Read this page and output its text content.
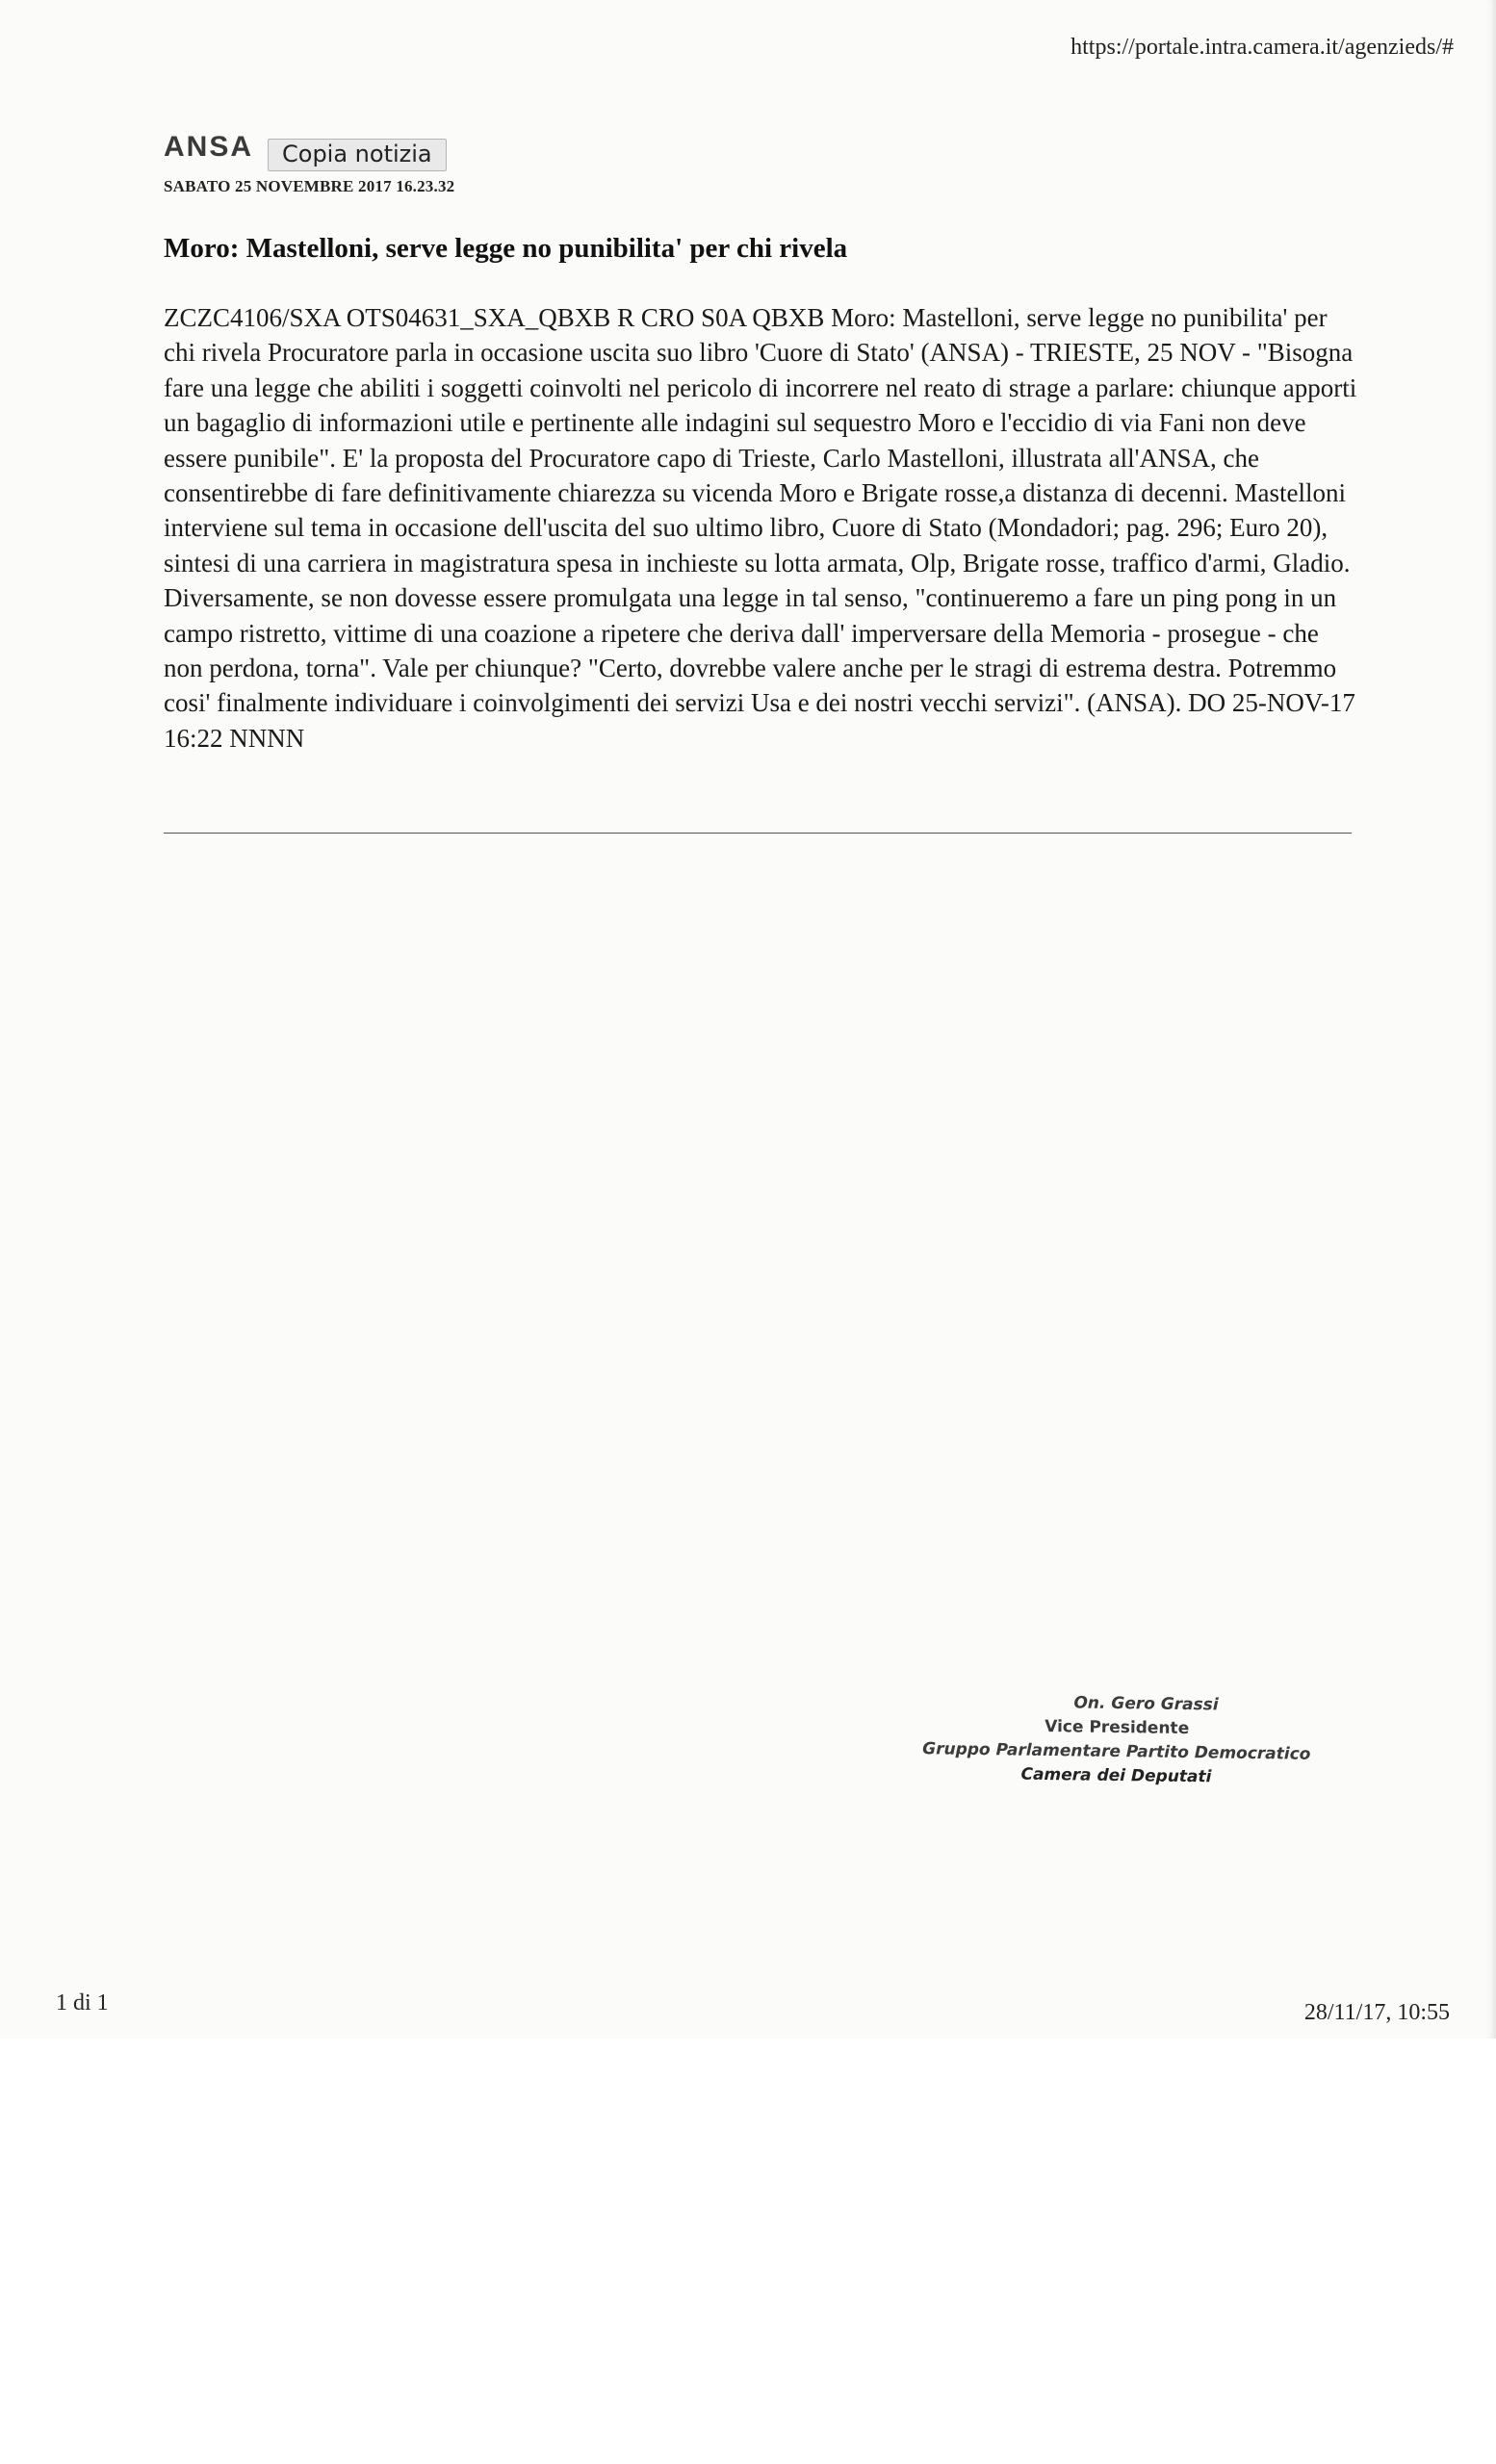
https://portale.intra.camera.it/agenzieds/#
ANSA	Copia notizia
SABATO 25 NOVEMBRE 2017 16.23.32
Moro: Mastelloni, serve legge no punibilita' per chi rivela

ZCZC4106/SXA OTS04631_SXA_QBXB R CRO S0A QBXB Moro: Mastelloni, serve legge no punibilita' per chi rivela Procuratore parla in occasione uscita suo libro 'Cuore di Stato' (ANSA) - TRIESTE, 25 NOV - "Bisogna fare una legge che abiliti i soggetti coinvolti nel pericolo di incorrere nel reato di strage a parlare: chiunque apporti un bagaglio di informazioni utile e pertinente alle indagini sul sequestro Moro e l'eccidio di via Fani non deve essere punibile". E' la proposta del Procuratore capo di Trieste, Carlo Mastelloni, illustrata all'ANSA, che consentirebbe di fare definitivamente chiarezza su vicenda Moro e Brigate rosse,a distanza di decenni. Mastelloni interviene sul tema in occasione dell'uscita del suo ultimo libro, Cuore di Stato (Mondadori; pag. 296; Euro 20), sintesi di una carriera in magistratura spesa in inchieste su lotta armata, Olp, Brigate rosse, traffico d'armi, Gladio. Diversamente, se non dovesse essere promulgata una legge in tal senso, "continueremo a fare un ping pong in un campo ristretto, vittime di una coazione a ripetere che deriva dall' imperversare della Memoria - prosegue - che non perdona, torna". Vale per chiunque? "Certo, dovrebbe valere anche per le stragi di estrema destra. Potremmo cosi' finalmente individuare i coinvolgimenti dei servizi Usa e dei nostri vecchi servizi". (ANSA). DO 25-NOV-17 16:22 NNNN

On. Gero Grassi
Vice Presidente
Gruppo Parlamentare Partito Democratico
Camera dei Deputati
1 di 1	28/11/17, 10:55
